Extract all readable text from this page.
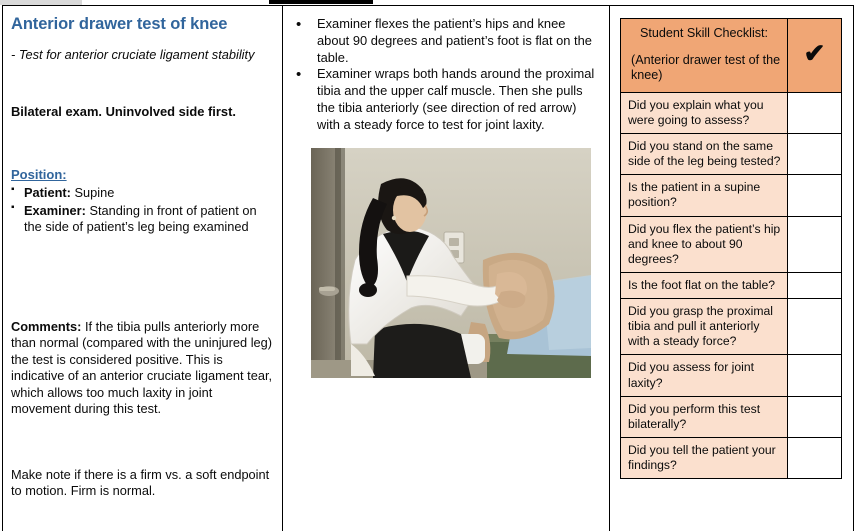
Anterior drawer test of knee
- Test for anterior cruciate ligament stability
Bilateral exam. Uninvolved side first.
Position:
▪ Patient: Supine
▪ Examiner: Standing in front of patient on the side of patient’s leg being examined
Comments: If the tibia pulls anteriorly more than normal (compared with the uninjured leg) the test is considered positive. This is indicative of an anterior cruciate ligament tear, which allows too much laxity in joint movement during this test.
Make note if there is a firm vs. a soft endpoint to motion. Firm is normal.
• Examiner flexes the patient’s hips and knee about 90 degrees and patient’s foot is flat on the table.
• Examiner wraps both hands around the proximal tibia and the upper calf muscle. Then she pulls the tibia anteriorly (see direction of red arrow) with a steady force to test for joint laxity.
Student Skill Checklist:
(Anterior drawer test of the knee)	✔
Did you explain what you were going to assess?	
Did you stand on the same side of the leg being tested?	
Is the patient in a supine position?	
Did you flex the patient’s hip and knee to about 90 degrees?	
Is the foot flat on the table?	
Did you grasp the proximal tibia and pull it anteriorly with a steady force?	
Did you assess for joint laxity?	
Did you perform this test bilaterally?	
Did you tell the patient your findings?	
